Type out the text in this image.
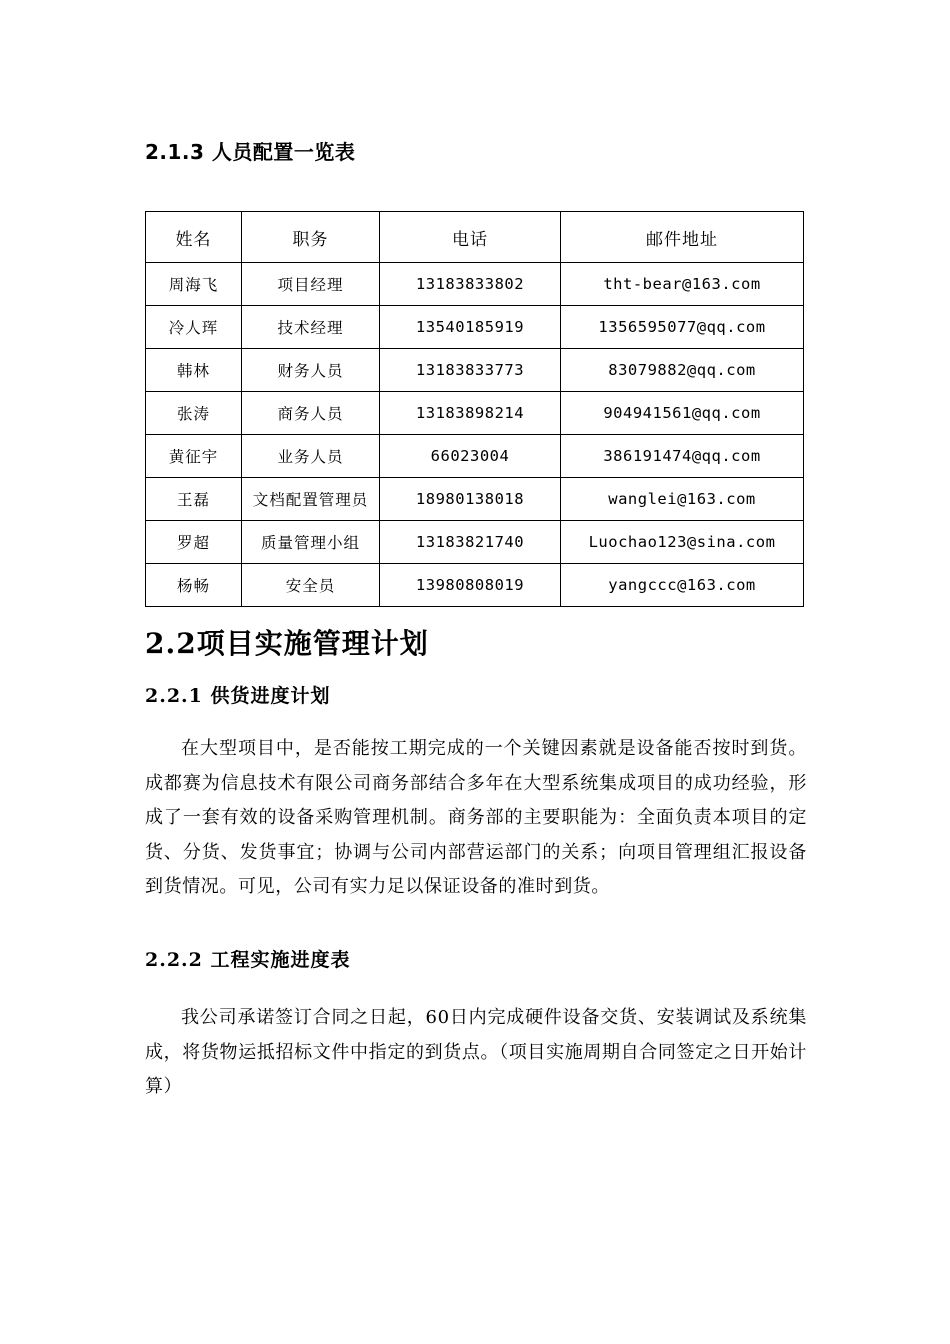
2.1.3 人员配置一览表
姓名	职务	电话	邮件地址
周海飞	项目经理	13183833802	tht-bear@163.com
冷人珲	技术经理	13540185919	1356595077@qq.com
韩林	财务人员	13183833773	83079882@qq.com
张涛	商务人员	13183898214	904941561@qq.com
黄征宇	业务人员	66023004	386191474@qq.com
王磊	文档配置管理员	18980138018	wanglei@163.com
罗超	质量管理小组	13183821740	Luochao123@sina.com
杨畅	安全员	13980808019	yangccc@163.com
2.2项目实施管理计划
2.2.1 供货进度计划

在大型项目中，是否能按工期完成的一个关键因素就是设备能否按时到货。成都赛为信息技术有限公司商务部结合多年在大型系统集成项目的成功经验，形成了一套有效的设备采购管理机制。商务部的主要职能为：全面负责本项目的定货、分货、发货事宜；协调与公司内部营运部门的关系；向项目管理组汇报设备到货情况。可见，公司有实力足以保证设备的准时到货。

2.2.2 工程实施进度表

我公司承诺签订合同之日起，60日内完成硬件设备交货、安装调试及系统集成，将货物运抵招标文件中指定的到货点。（项目实施周期自合同签定之日开始计算）
